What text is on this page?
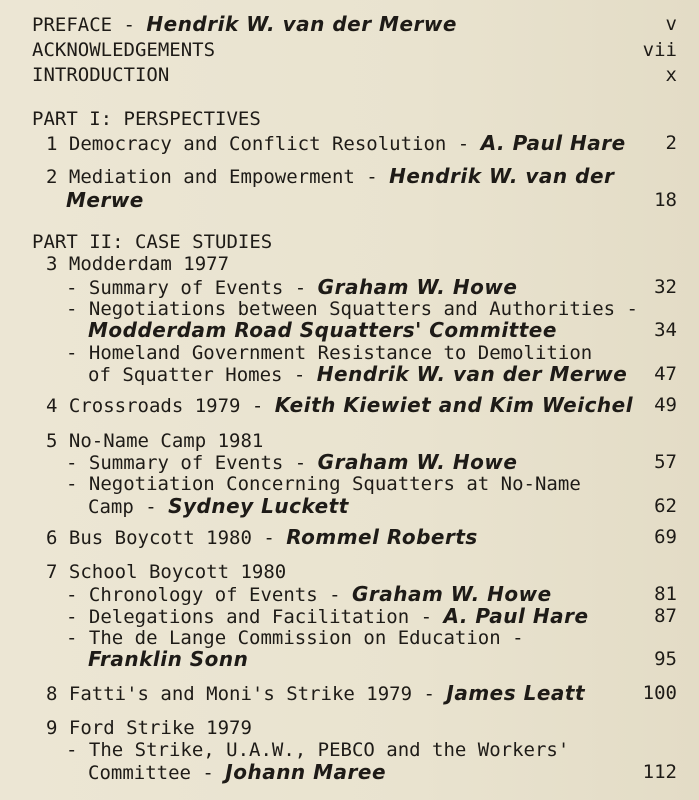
PREFACE - Hendrik W. van der Merwe	v
ACKNOWLEDGEMENTS	vii
INTRODUCTION	x
PART I: PERSPECTIVES
1 Democracy and Conflict Resolution - A. Paul Hare 2
2 Mediation and Empowerment - Hendrik W. van der
Merwe	18
PART II: CASE STUDIES
3 Modderdam 1977
- Summary of Events - Graham W. Howe	32
- Negotiations between Squatters and Authorities -
Modderdam Road Squatters' Committee	34
- Homeland Government Resistance to Demolition
of Squatter Homes - Hendrik W. van der Merwe 47
4 Crossroads 1979 - Keith Kiewiet and Kim Weichel 49
5 No-Name Camp 1981
- Summary of Events - Graham W. Howe	57
- Negotiation Concerning Squatters at No-Name
Camp - Sydney Luckett	62
6 Bus Boycott 1980 - Rommel Roberts	69
7 School Boycott 1980
- Chronology of Events - Graham W. Howe	81
- Delegations and Facilitation - A. Paul Hare	87
- The de Lange Commission on Education -
Franklin Sonn	95
8 Fatti's and Moni's Strike 1979 - James Leatt	100
9 Ford Strike 1979
- The Strike, U.A.W., PEBCO and the Workers'
Committee - Johann Maree	112
